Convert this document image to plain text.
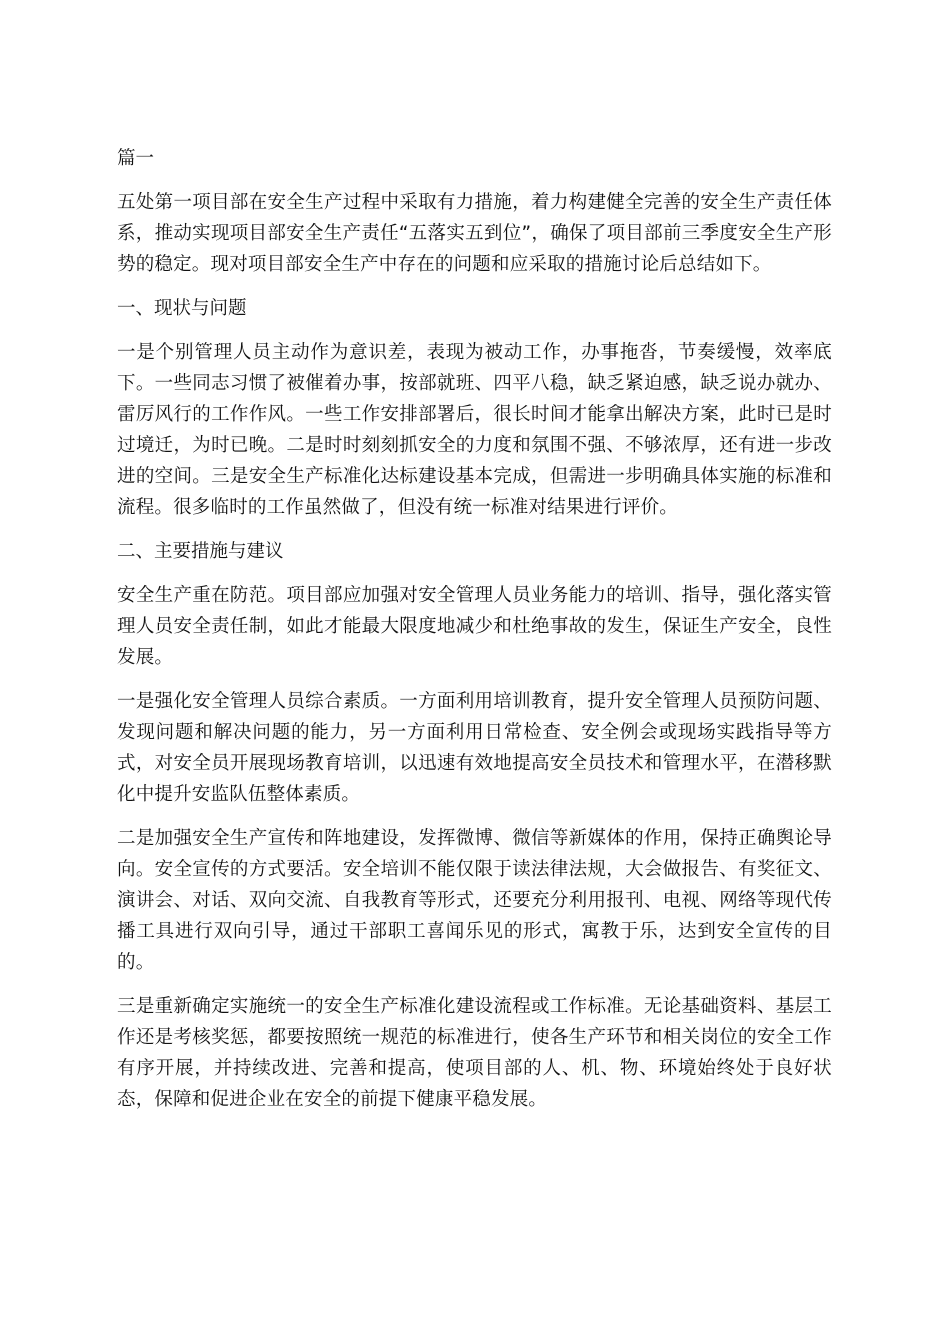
篇一

五处第一项目部在安全生产过程中采取有力措施，着力构建健全完善的安全生产责任体系，推动实现项目部安全生产责任“五落实五到位”，确保了项目部前三季度安全生产形势的稳定。现对项目部安全生产中存在的问题和应采取的措施讨论后总结如下。

一、现状与问题

一是个别管理人员主动作为意识差，表现为被动工作，办事拖沓，节奏缓慢，效率底下。一些同志习惯了被催着办事，按部就班、四平八稳，缺乏紧迫感，缺乏说办就办、雷厉风行的工作作风。一些工作安排部署后，很长时间才能拿出解决方案，此时已是时过境迁，为时已晚。二是时时刻刻抓安全的力度和氛围不强、不够浓厚，还有进一步改进的空间。三是安全生产标准化达标建设基本完成，但需进一步明确具体实施的标准和流程。很多临时的工作虽然做了，但没有统一标准对结果进行评价。

二、主要措施与建议

安全生产重在防范。项目部应加强对安全管理人员业务能力的培训、指导，强化落实管理人员安全责任制，如此才能最大限度地减少和杜绝事故的发生，保证生产安全，良性发展。

一是强化安全管理人员综合素质。一方面利用培训教育，提升安全管理人员预防问题、发现问题和解决问题的能力，另一方面利用日常检查、安全例会或现场实践指导等方式，对安全员开展现场教育培训，以迅速有效地提高安全员技术和管理水平，在潜移默化中提升安监队伍整体素质。

二是加强安全生产宣传和阵地建设，发挥微博、微信等新媒体的作用，保持正确舆论导向。安全宣传的方式要活。安全培训不能仅限于读法律法规，大会做报告、有奖征文、演讲会、对话、双向交流、自我教育等形式，还要充分利用报刊、电视、网络等现代传播工具进行双向引导，通过干部职工喜闻乐见的形式，寓教于乐，达到安全宣传的目的。

三是重新确定实施统一的安全生产标准化建设流程或工作标准。无论基础资料、基层工作还是考核奖惩，都要按照统一规范的标准进行，使各生产环节和相关岗位的安全工作有序开展，并持续改进、完善和提高，使项目部的人、机、物、环境始终处于良好状态，保障和促进企业在安全的前提下健康平稳发展。
